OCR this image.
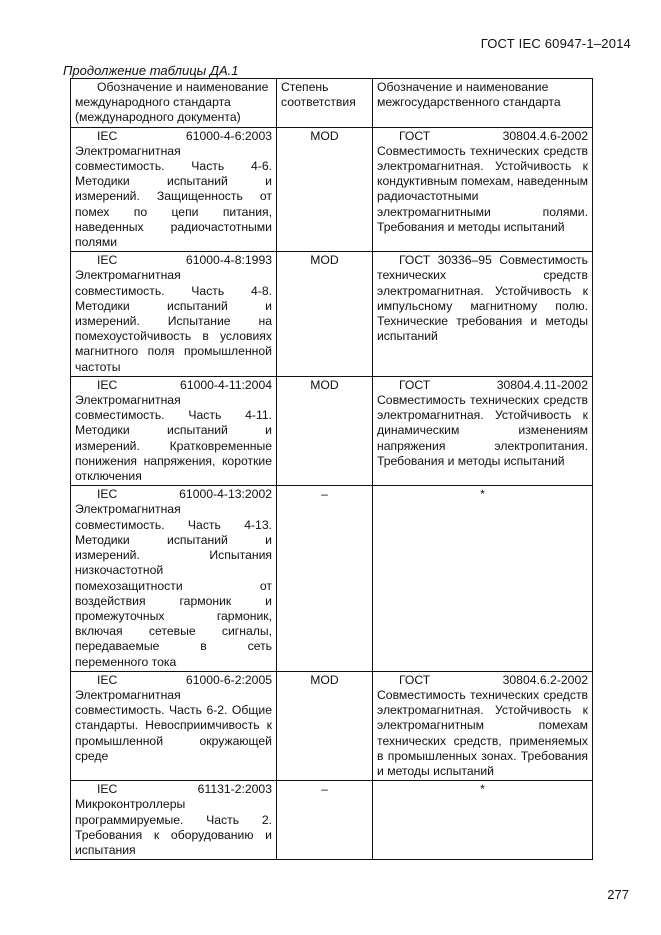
ГОСТ IEC 60947-1–2014
Продолжение таблицы ДА.1
Обозначение и наименование международного стандарта (международного документа)	Степень соответствия	Обозначение и наименование межгосударственного стандарта
IEC 61000-4-6:2003 Электромагнитная совместимость. Часть 4-6. Методики испытаний и измерений. Защищенность от помех по цепи питания, наведенных радиочастотными полями	MOD	ГОСТ 30804.4.6-2002 Совместимость технических средств электромагнитная. Устойчивость к кондуктивным помехам, наведенным радиочастотными электромагнитными полями. Требования и методы испытаний
IEC 61000-4-8:1993 Электромагнитная совместимость. Часть 4-8. Методики испытаний и измерений. Испытание на помехоустойчивость в условиях магнитного поля промышленной частоты	MOD	ГОСТ 30336–95 Совместимость технических средств электромагнитная. Устойчивость к импульсному магнитному полю. Технические требования и методы испытаний
IEC 61000-4-11:2004 Электромагнитная совместимость. Часть 4-11. Методики испытаний и измерений. Кратковременные понижения напряжения, короткие отключения	MOD	ГОСТ 30804.4.11-2002 Совместимость технических средств электромагнитная. Устойчивость к динамическим изменениям напряжения электропитания. Требования и методы испытаний
IEC 61000-4-13:2002 Электромагнитная совместимость. Часть 4-13. Методики испытаний и измерений. Испытания низкочастотной помехозащитности от воздействия гармоник и промежуточных гармоник, включая сетевые сигналы, передаваемые в сеть переменного тока	–	*
IEC 61000-6-2:2005 Электромагнитная совместимость. Часть 6-2. Общие стандарты. Невосприимчивость к промышленной окружающей среде	MOD	ГОСТ 30804.6.2-2002 Совместимость технических средств электромагнитная. Устойчивость к электромагнитным помехам технических средств, применяемых в промышленных зонах. Требования и методы испытаний
IEC 61131-2:2003 Микроконтроллеры программируемые. Часть 2. Требования к оборудованию и испытания	–	*
277
